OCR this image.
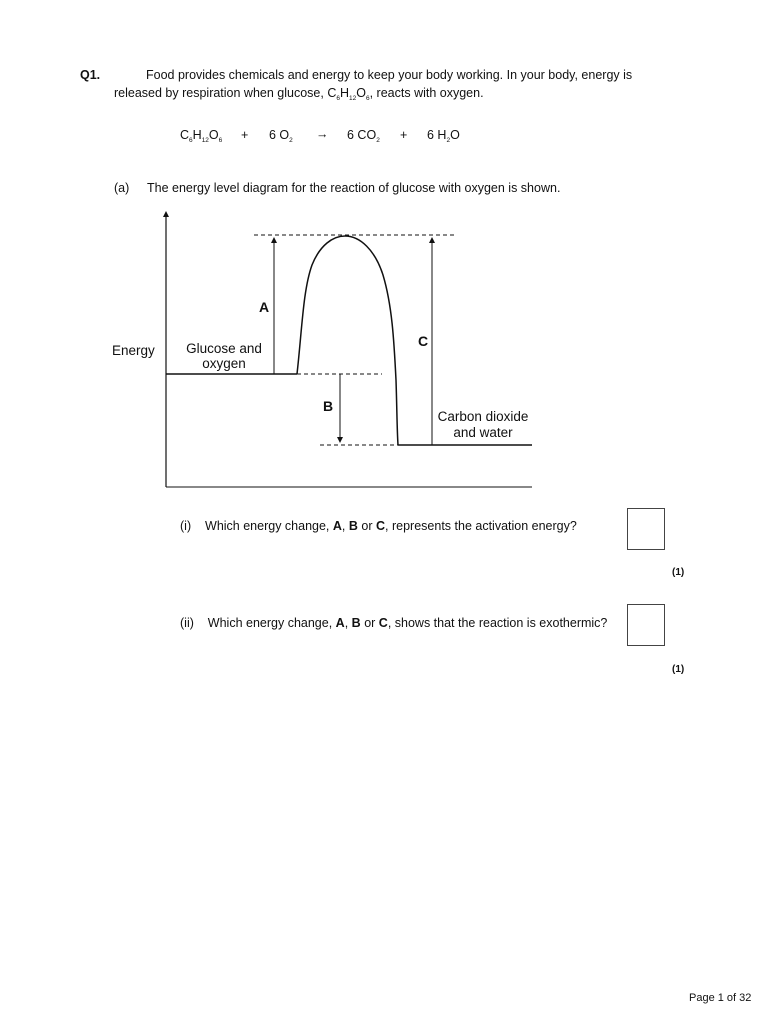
Q1.	Food provides chemicals and energy to keep your body working. In your body, energy is
released by respiration when glucose, $C_6H_{12}O_6$, reacts with oxygen.
$C_6H_{12}O_6 + 6$ $O_2 \to 6$ $CO_2 + 6$ $H_2O$
(a) The energy level diagram for the reaction of glucose with oxygen is shown.
Energy Glucose and
oxygen
Carbon dioxide
and water
A
B
C
(i) Which energy change, A, B or C, represents the activation energy?
(1)
(ii) Which energy change, A, B or C, shows that the reaction is exothermic?
(1)
Page 1 of 32
